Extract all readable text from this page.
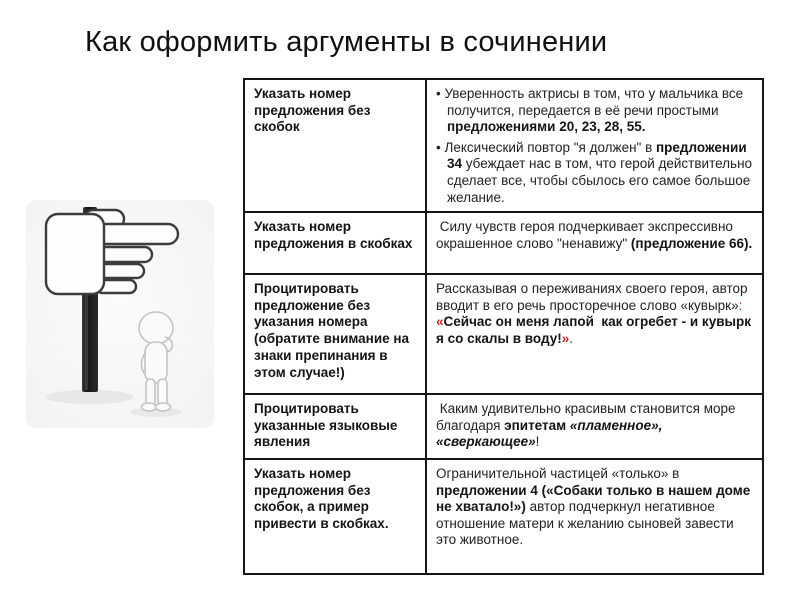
Как оформить аргументы в сочинении
Указать номер предложения без скобок	• Уверенность актрисы в том, что у мальчика все получится, передается в её речи простыми предложениями 20, 23, 28, 55.
• Лексический повтор "я должен" в предложении 34 убеждает нас в том, что герой действительно сделает все, чтобы сбылось его самое большое желание.

Указать номер предложения в скобках	Силу чувств героя подчеркивает экспрессивно окрашенное слово "ненавижу" (предложение 66).

Процитировать предложение без указания номера (обратите внимание на знаки препинания в этом случае!)	Рассказывая о переживаниях своего героя, автор вводит в его речь просторечное слово «кувырк»: «Сейчас он меня лапой  как огребет - и кувырк я со скалы в воду!».

Процитировать указанные языковые явления	Каким удивительно красивым становится море благодаря эпитетам «пламенное», «сверкающее»!

Указать номер предложения без скобок, а пример привести в скобках.	Ограничительной частицей «только» в предложении 4 («Собаки только в нашем доме не хватало!») автор подчеркнул негативное отношение матери к желанию сыновей завести это животное.
